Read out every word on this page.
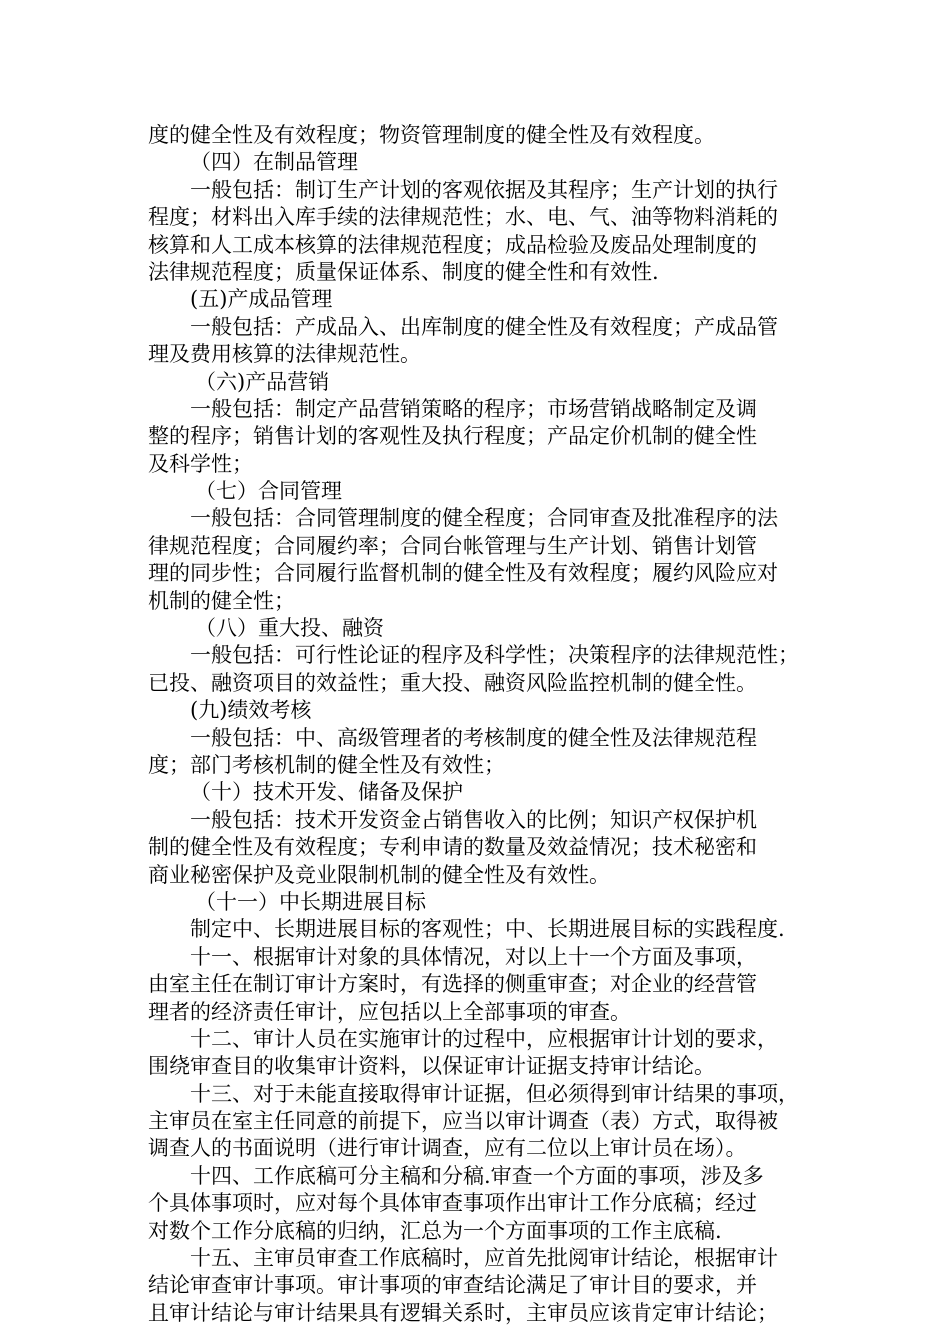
度的健全性及有效程度；物资管理制度的健全性及有效程度。
（四）在制品管理
一般包括：制订生产计划的客观依据及其程序；生产计划的执行
程度；材料出入库手续的法律规范性；水、电、气、油等物料消耗的
核算和人工成本核算的法律规范程度；成品检验及废品处理制度的
法律规范程度；质量保证体系、制度的健全性和有效性.
(五)产成品管理
一般包括：产成品入、出库制度的健全性及有效程度；产成品管
理及费用核算的法律规范性。
（六)产品营销
一般包括：制定产品营销策略的程序；市场营销战略制定及调
整的程序；销售计划的客观性及执行程度；产品定价机制的健全性
及科学性；
（七）合同管理
一般包括：合同管理制度的健全程度；合同审查及批准程序的法
律规范程度；合同履约率；合同台帐管理与生产计划、销售计划管
理的同步性；合同履行监督机制的健全性及有效程度；履约风险应对
机制的健全性；
（八）重大投、融资
一般包括：可行性论证的程序及科学性；决策程序的法律规范性；
已投、融资项目的效益性；重大投、融资风险监控机制的健全性。
(九)绩效考核
一般包括：中、高级管理者的考核制度的健全性及法律规范程
度；部门考核机制的健全性及有效性；
（十）技术开发、储备及保护
一般包括：技术开发资金占销售收入的比例；知识产权保护机
制的健全性及有效程度；专利申请的数量及效益情况；技术秘密和
商业秘密保护及竞业限制机制的健全性及有效性。
（十一）中长期进展目标
制定中、长期进展目标的客观性；中、长期进展目标的实践程度.
十一、根据审计对象的具体情况，对以上十一个方面及事项，
由室主任在制订审计方案时，有选择的侧重审查；对企业的经营管
理者的经济责任审计，应包括以上全部事项的审查。
十二、审计人员在实施审计的过程中，应根据审计计划的要求，
围绕审查目的收集审计资料，以保证审计证据支持审计结论。
十三、对于未能直接取得审计证据，但必须得到审计结果的事项，
主审员在室主任同意的前提下，应当以审计调查（表）方式，取得被
调查人的书面说明（进行审计调查，应有二位以上审计员在场）。
十四、工作底稿可分主稿和分稿.审查一个方面的事项，涉及多
个具体事项时，应对每个具体审查事项作出审计工作分底稿；经过
对数个工作分底稿的归纳，汇总为一个方面事项的工作主底稿.
十五、主审员审查工作底稿时，应首先批阅审计结论，根据审计
结论审查审计事项。审计事项的审查结论满足了审计目的要求，并
且审计结论与审计结果具有逻辑关系时，主审员应该肯定审计结论；
